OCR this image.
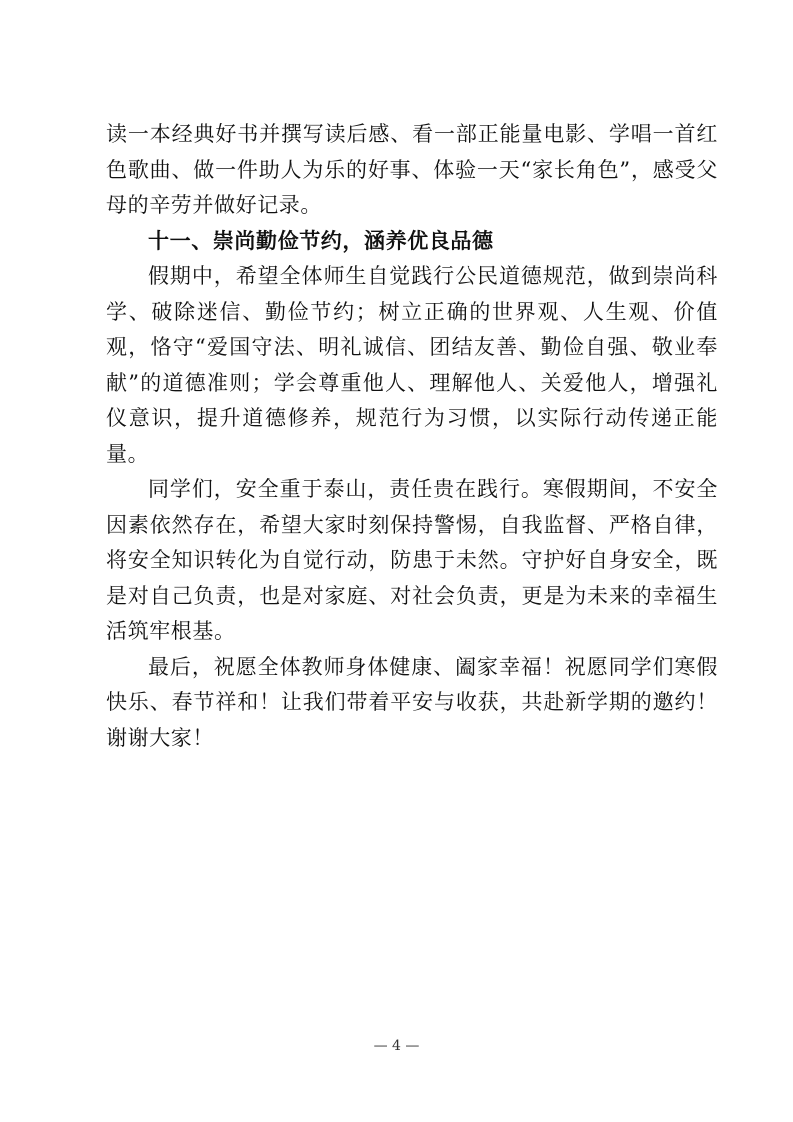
读一本经典好书并撰写读后感、看一部正能量电影、学唱一首红色歌曲、做一件助人为乐的好事、体验一天“家长角色”，感受父母的辛劳并做好记录。

十一、崇尚勤俭节约，涵养优良品德

假期中，希望全体师生自觉践行公民道德规范，做到崇尚科学、破除迷信、勤俭节约；树立正确的世界观、人生观、价值观，恪守“爱国守法、明礼诚信、团结友善、勤俭自强、敬业奉献”的道德准则；学会尊重他人、理解他人、关爱他人，增强礼仪意识，提升道德修养，规范行为习惯，以实际行动传递正能量。

同学们，安全重于泰山，责任贵在践行。寒假期间，不安全因素依然存在，希望大家时刻保持警惕，自我监督、严格自律，将安全知识转化为自觉行动，防患于未然。守护好自身安全，既是对自己负责，也是对家庭、对社会负责，更是为未来的幸福生活筑牢根基。

最后，祝愿全体教师身体健康、阖家幸福！祝愿同学们寒假快乐、春节祥和！让我们带着平安与收获，共赴新学期的邀约！谢谢大家！

— 4 —
